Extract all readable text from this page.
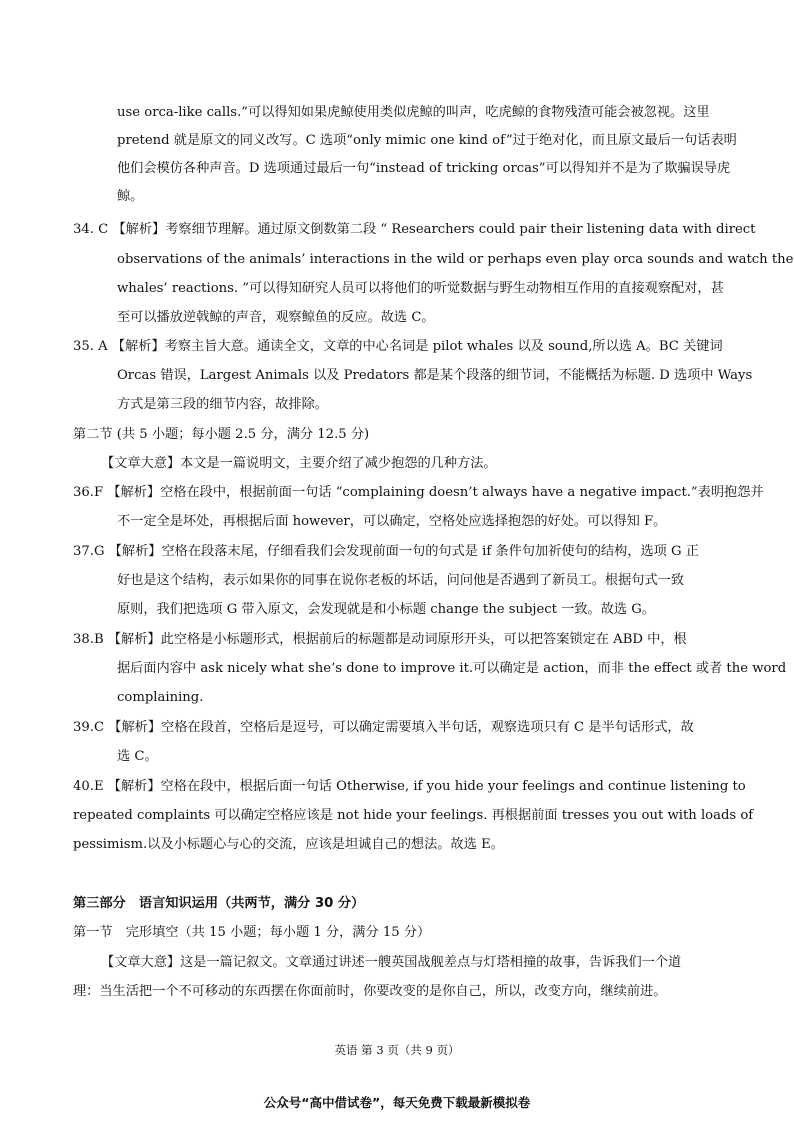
use orca-like calls.”可以得知如果虎鲸使用类似虎鲸的叫声，吃虎鲸的食物残渣可能会被忽视。这里
pretend 就是原文的同义改写。C 选项“only mimic one kind of”过于绝对化，而且原文最后一句话表明
他们会模仿各种声音。D 选项通过最后一句“instead of tricking orcas”可以得知并不是为了欺骗误导虎
鲸。
34. C 【解析】考察细节理解。通过原文倒数第二段 “ Researchers could pair their listening data with direct
observations of the animals’ interactions in the wild or perhaps even play orca sounds and watch the
whales’ reactions. ”可以得知研究人员可以将他们的听觉数据与野生动物相互作用的直接观察配对，甚
至可以播放逆戟鲸的声音，观察鲸鱼的反应。故选 C。
35. A 【解析】考察主旨大意。通读全文，文章的中心名词是 pilot whales 以及 sound,所以选 A。BC 关键词
Orcas 错误，Largest Animals 以及 Predators 都是某个段落的细节词，不能概括为标题. D 选项中 Ways
方式是第三段的细节内容，故排除。
第二节 (共 5 小题；每小题 2.5 分，满分 12.5 分)
【文章大意】本文是一篇说明文，主要介绍了减少抱怨的几种方法。
36.F 【解析】空格在段中，根据前面一句话 “complaining doesn’t always have a negative impact.”表明抱怨并
不一定全是坏处，再根据后面 however，可以确定，空格处应选择抱怨的好处。可以得知 F。
37.G 【解析】空格在段落末尾，仔细看我们会发现前面一句的句式是 if 条件句加祈使句的结构，选项 G 正
好也是这个结构，表示如果你的同事在说你老板的坏话，问问他是否遇到了新员工。根据句式一致
原则，我们把选项 G 带入原文，会发现就是和小标题 change the subject 一致。故选 G。
38.B 【解析】此空格是小标题形式，根据前后的标题都是动词原形开头，可以把答案锁定在 ABD 中，根
据后面内容中 ask nicely what she’s done to improve it.可以确定是 action，而非 the effect 或者 the word
complaining.
39.C 【解析】空格在段首，空格后是逗号，可以确定需要填入半句话，观察选项只有 C 是半句话形式，故
选 C。
40.E 【解析】空格在段中，根据后面一句话 Otherwise, if you hide your feelings and continue listening to
repeated complaints 可以确定空格应该是 not hide your feelings. 再根据前面 tresses you out with loads of
pessimism.以及小标题心与心的交流，应该是坦诚自己的想法。故选 E。
第三部分　语言知识运用（共两节，满分 30 分）
第一节　完形填空（共 15 小题；每小题 1 分，满分 15 分）
【文章大意】这是一篇记叙文。文章通过讲述一艘英国战舰差点与灯塔相撞的故事，告诉我们一个道
理：当生活把一个不可移动的东西摆在你面前时，你要改变的是你自己，所以，改变方向，继续前进。
英语 第 3 页（共 9 页）
公众号“高中借试卷”，每天免费下载最新模拟卷
